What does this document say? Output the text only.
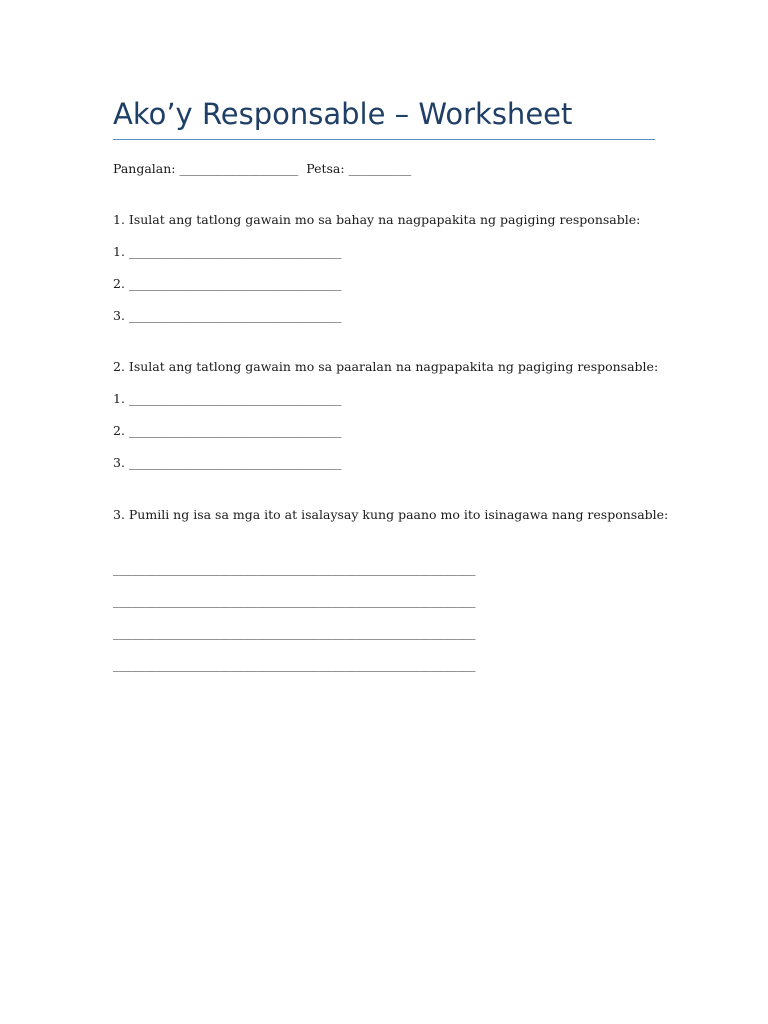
Ako’y Responsable – Worksheet
Pangalan: ___________________ Petsa: __________

1. Isulat ang tatlong gawain mo sa bahay na nagpapakita ng pagiging responsable:

1. __________________________________

2. __________________________________

3. __________________________________

2. Isulat ang tatlong gawain mo sa paaralan na nagpapakita ng pagiging responsable:

1. __________________________________

2. __________________________________

3. __________________________________

3. Pumili ng isa sa mga ito at isalaysay kung paano mo ito isinagawa nang responsable:

__________________________________________________________

__________________________________________________________

__________________________________________________________

__________________________________________________________
